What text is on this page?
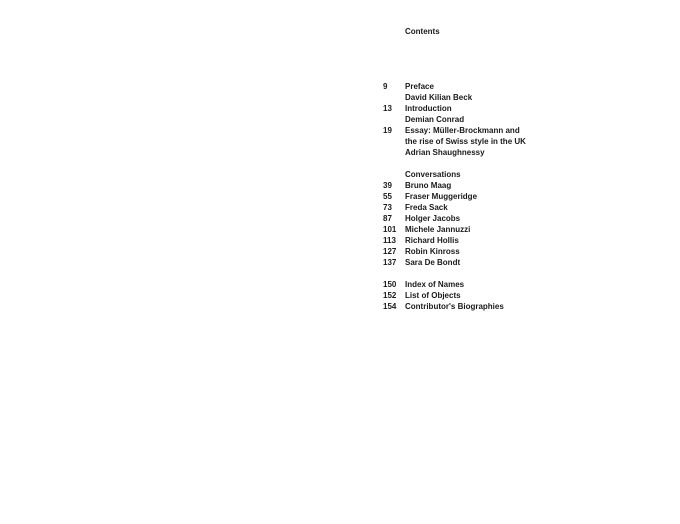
Contents
9	Preface
David Kilian Beck
13	Introduction
Demian Conrad
19	Essay: Müller-Brockmann and
the rise of Swiss style in the UK
Adrian Shaughnessy
Conversations
39	Bruno Maag
55	Fraser Muggeridge
73	Freda Sack
87	Holger Jacobs
101	Michele Jannuzzi
113	Richard Hollis
127	Robin Kinross
137	Sara De Bondt
150	Index of Names
152	List of Objects
154	Contributor's Biographies
